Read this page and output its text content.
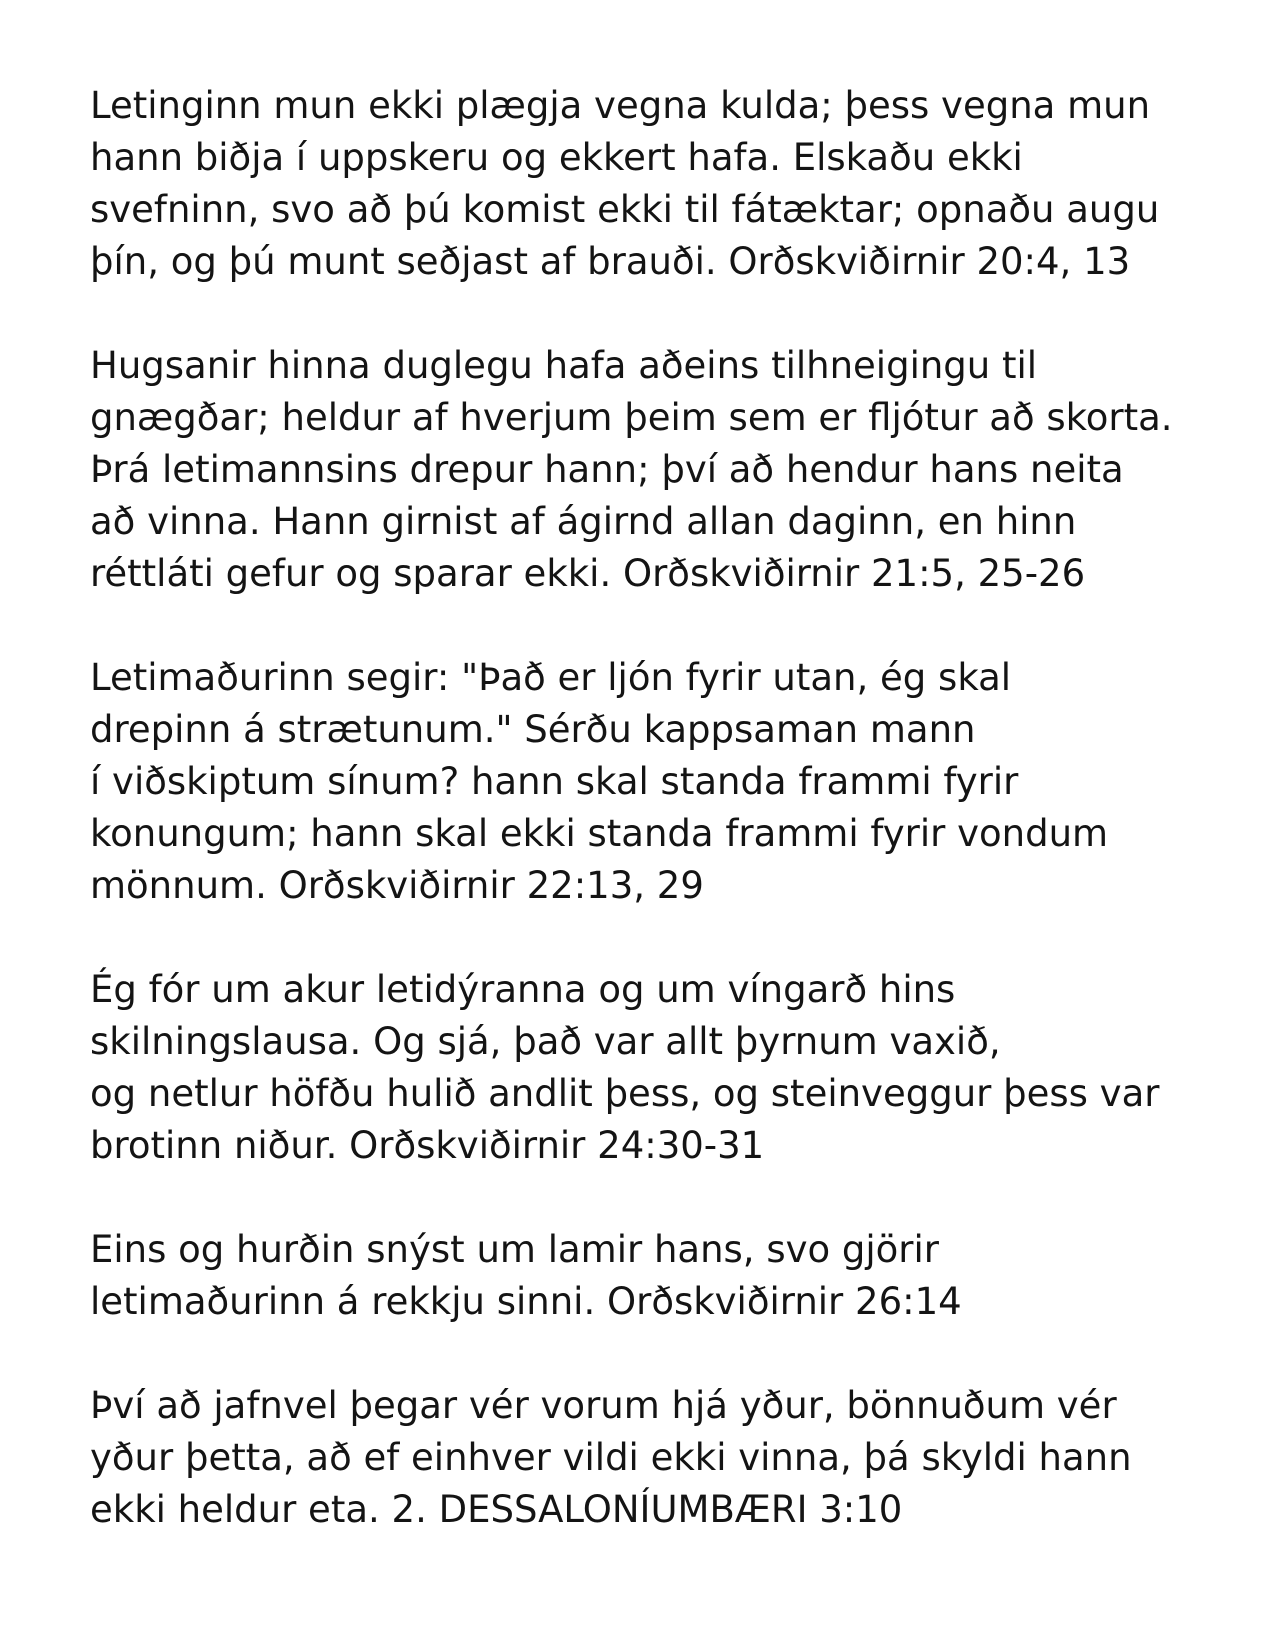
Letinginn mun ekki plægja vegna kulda; þess vegna mun
hann biðja í uppskeru og ekkert hafa. Elskaðu ekki
svefninn, svo að þú komist ekki til fátæktar; opnaðu augu
þín, og þú munt seðjast af brauði. Orðskviðirnir 20:4, 13

Hugsanir hinna duglegu hafa aðeins tilhneigingu til
gnægðar; heldur af hverjum þeim sem er fljótur að skorta.
Þrá letimannsins drepur hann; því að hendur hans neita
að vinna. Hann girnist af ágirnd allan daginn, en hinn
réttláti gefur og sparar ekki. Orðskviðirnir 21:5, 25-26

Letimaðurinn segir: "Það er ljón fyrir utan, ég skal
drepinn á strætunum." Sérðu kappsaman mann
í viðskiptum sínum? hann skal standa frammi fyrir
konungum; hann skal ekki standa frammi fyrir vondum
mönnum. Orðskviðirnir 22:13, 29

Ég fór um akur letidýranna og um víngarð hins
skilningslausa. Og sjá, það var allt þyrnum vaxið,
og netlur höfðu hulið andlit þess, og steinveggur þess var
brotinn niður. Orðskviðirnir 24:30-31

Eins og hurðin snýst um lamir hans, svo gjörir
letimaðurinn á rekkju sinni. Orðskviðirnir 26:14

Því að jafnvel þegar vér vorum hjá yður, bönnuðum vér
yður þetta, að ef einhver vildi ekki vinna, þá skyldi hann
ekki heldur eta. 2. DESSALONÍUMBÆRI 3:10
